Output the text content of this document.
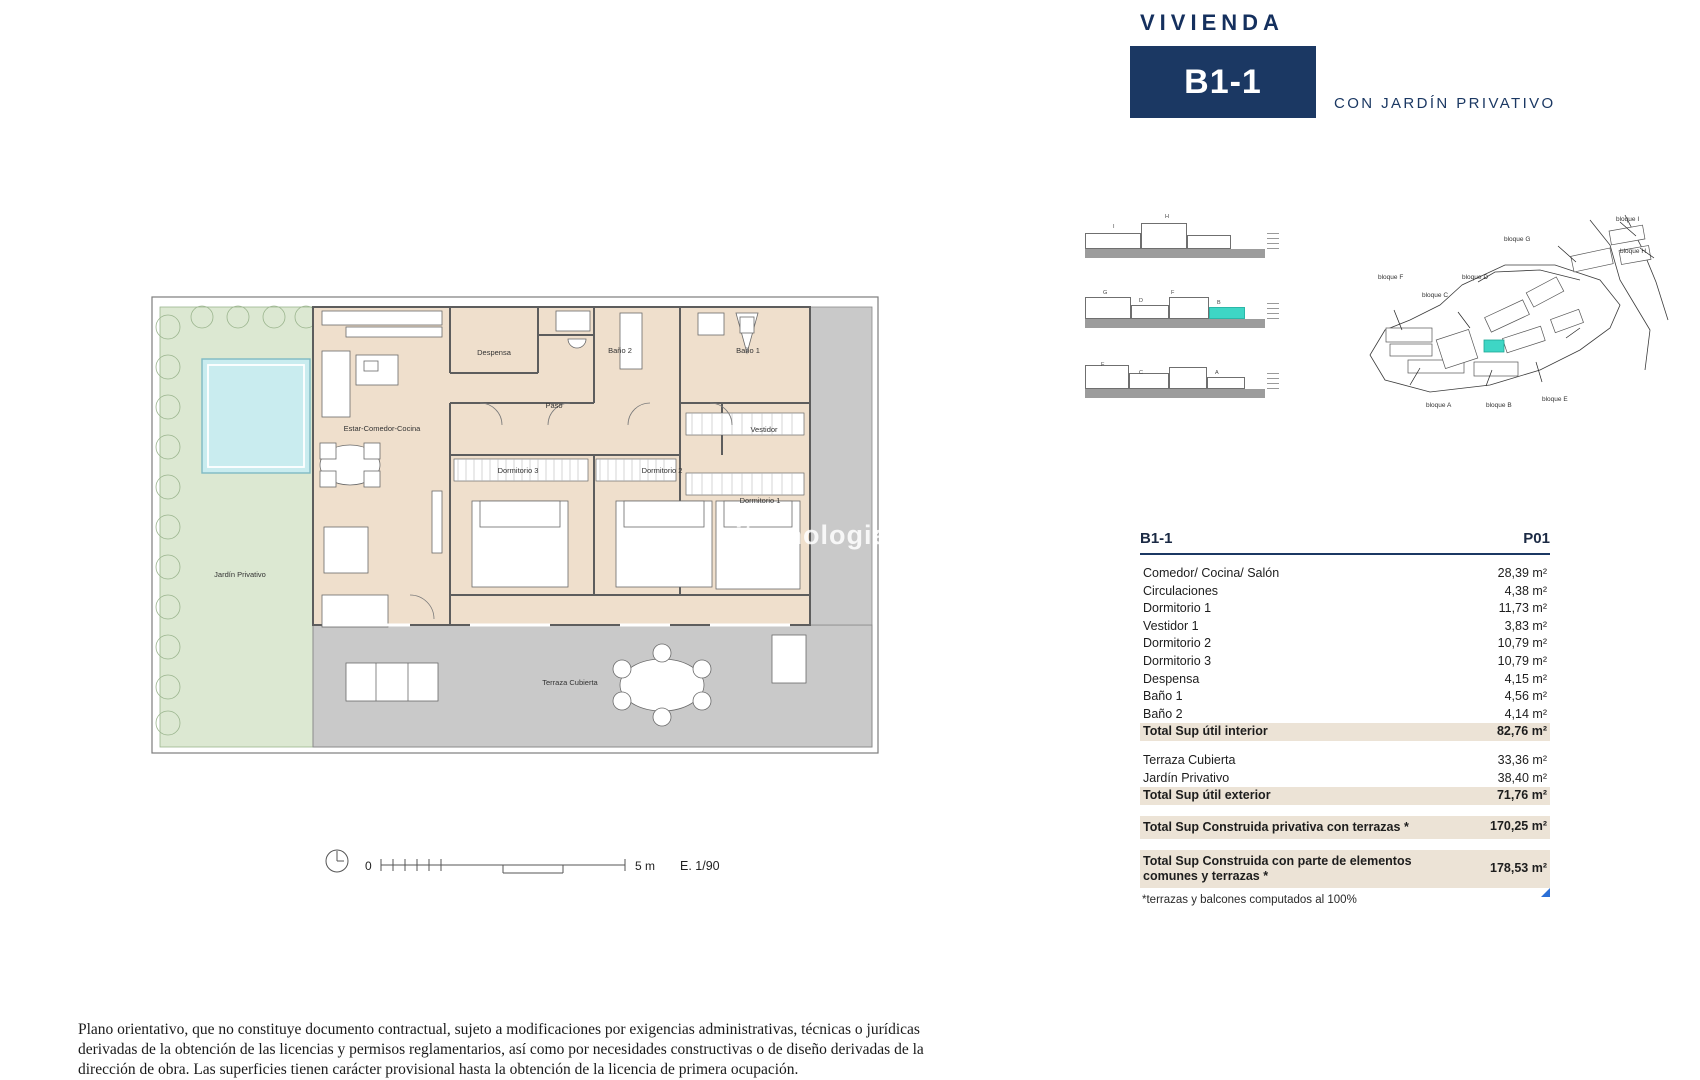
VIVIENDA
B1-1
CON JARDÍN PRIVATIVO
I
H
G
D
F
B
F
C	A
bloque I
bloque H
bloque G
bloque F	bloque D
bloque C
bloque A	bloque B
bloque E
B1-1	P01
Comedor/ Cocina/ Salón	28,39 m²
Circulaciones	4,38 m²
Dormitorio 1	11,73 m²
Vestidor 1	3,83 m²
Dormitorio 2	10,79 m²
Dormitorio 3	10,79 m²
Despensa	4,15 m²
Baño 1	4,56 m²
Baño 2	4,14 m²
Total Sup útil interior	82,76 m²
Terraza Cubierta	33,36 m²
Jardín Privativo	38,40 m²
Total Sup útil exterior	71,76 m²
Total Sup Construida privativa con terrazas *	170,25 m²
Total Sup Construida con parte de elementos comunes y terrazas *
178,53 m²
*terrazas y balcones computados al 100%
Jardín Privativo
Estar-Comedor-Cocina
Despensa	Baño 2	Baño 1
Paso
Vestidor
Dormitorio 3	Dormitorio 2
Dormitorio 1
Terraza Cubierta
itecnologia
0	5 m E. 1/90

Plano orientativo, que no constituye documento contractual, sujeto a modificaciones por exigencias administrativas, técnicas o jurídicas

derivadas de la obtención de las licencias y permisos reglamentarios, así como por necesidades constructivas o de diseño derivadas de la

dirección de obra. Las superficies tienen carácter provisional hasta la obtención de la licencia de primera ocupación.
